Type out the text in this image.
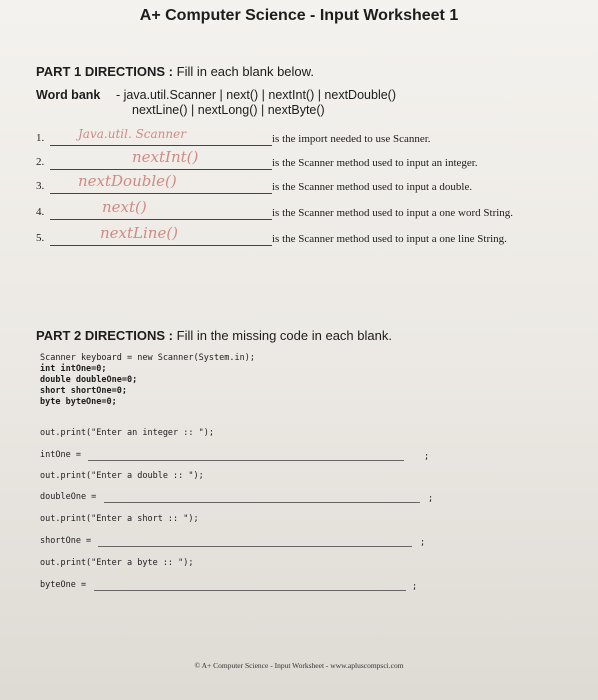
A+ Computer Science - Input Worksheet 1
PART 1 DIRECTIONS : Fill in each blank below.
Word bank - java.util.Scanner | next() | nextInt() | nextDouble()
nextLine() | nextLong() | nextByte()
1.	Java.util. Scanner	is the import needed to use Scanner.
2.	nextInt()	is the Scanner method used to input an integer.
3. nextDouble()	is the Scanner method used to input a double.
4.	next()	is the Scanner method used to input a one word String.
5.	nextLine()	is the Scanner method used to input a one line String.
PART 2 DIRECTIONS : Fill in the missing code in each blank.
Scanner keyboard = new Scanner(System.in);
int intOne=0;
double doubleOne=0;
short shortOne=0;
byte byteOne=0;
out.print("Enter an integer :: ");
intOne =	;
out.print("Enter a double :: ");
doubleOne =	;
out.print("Enter a short :: ");
shortOne =	;
out.print("Enter a byte :: ");
byteOne =	;
© A+ Computer Science - Input Worksheet - www.apluscompsci.com
